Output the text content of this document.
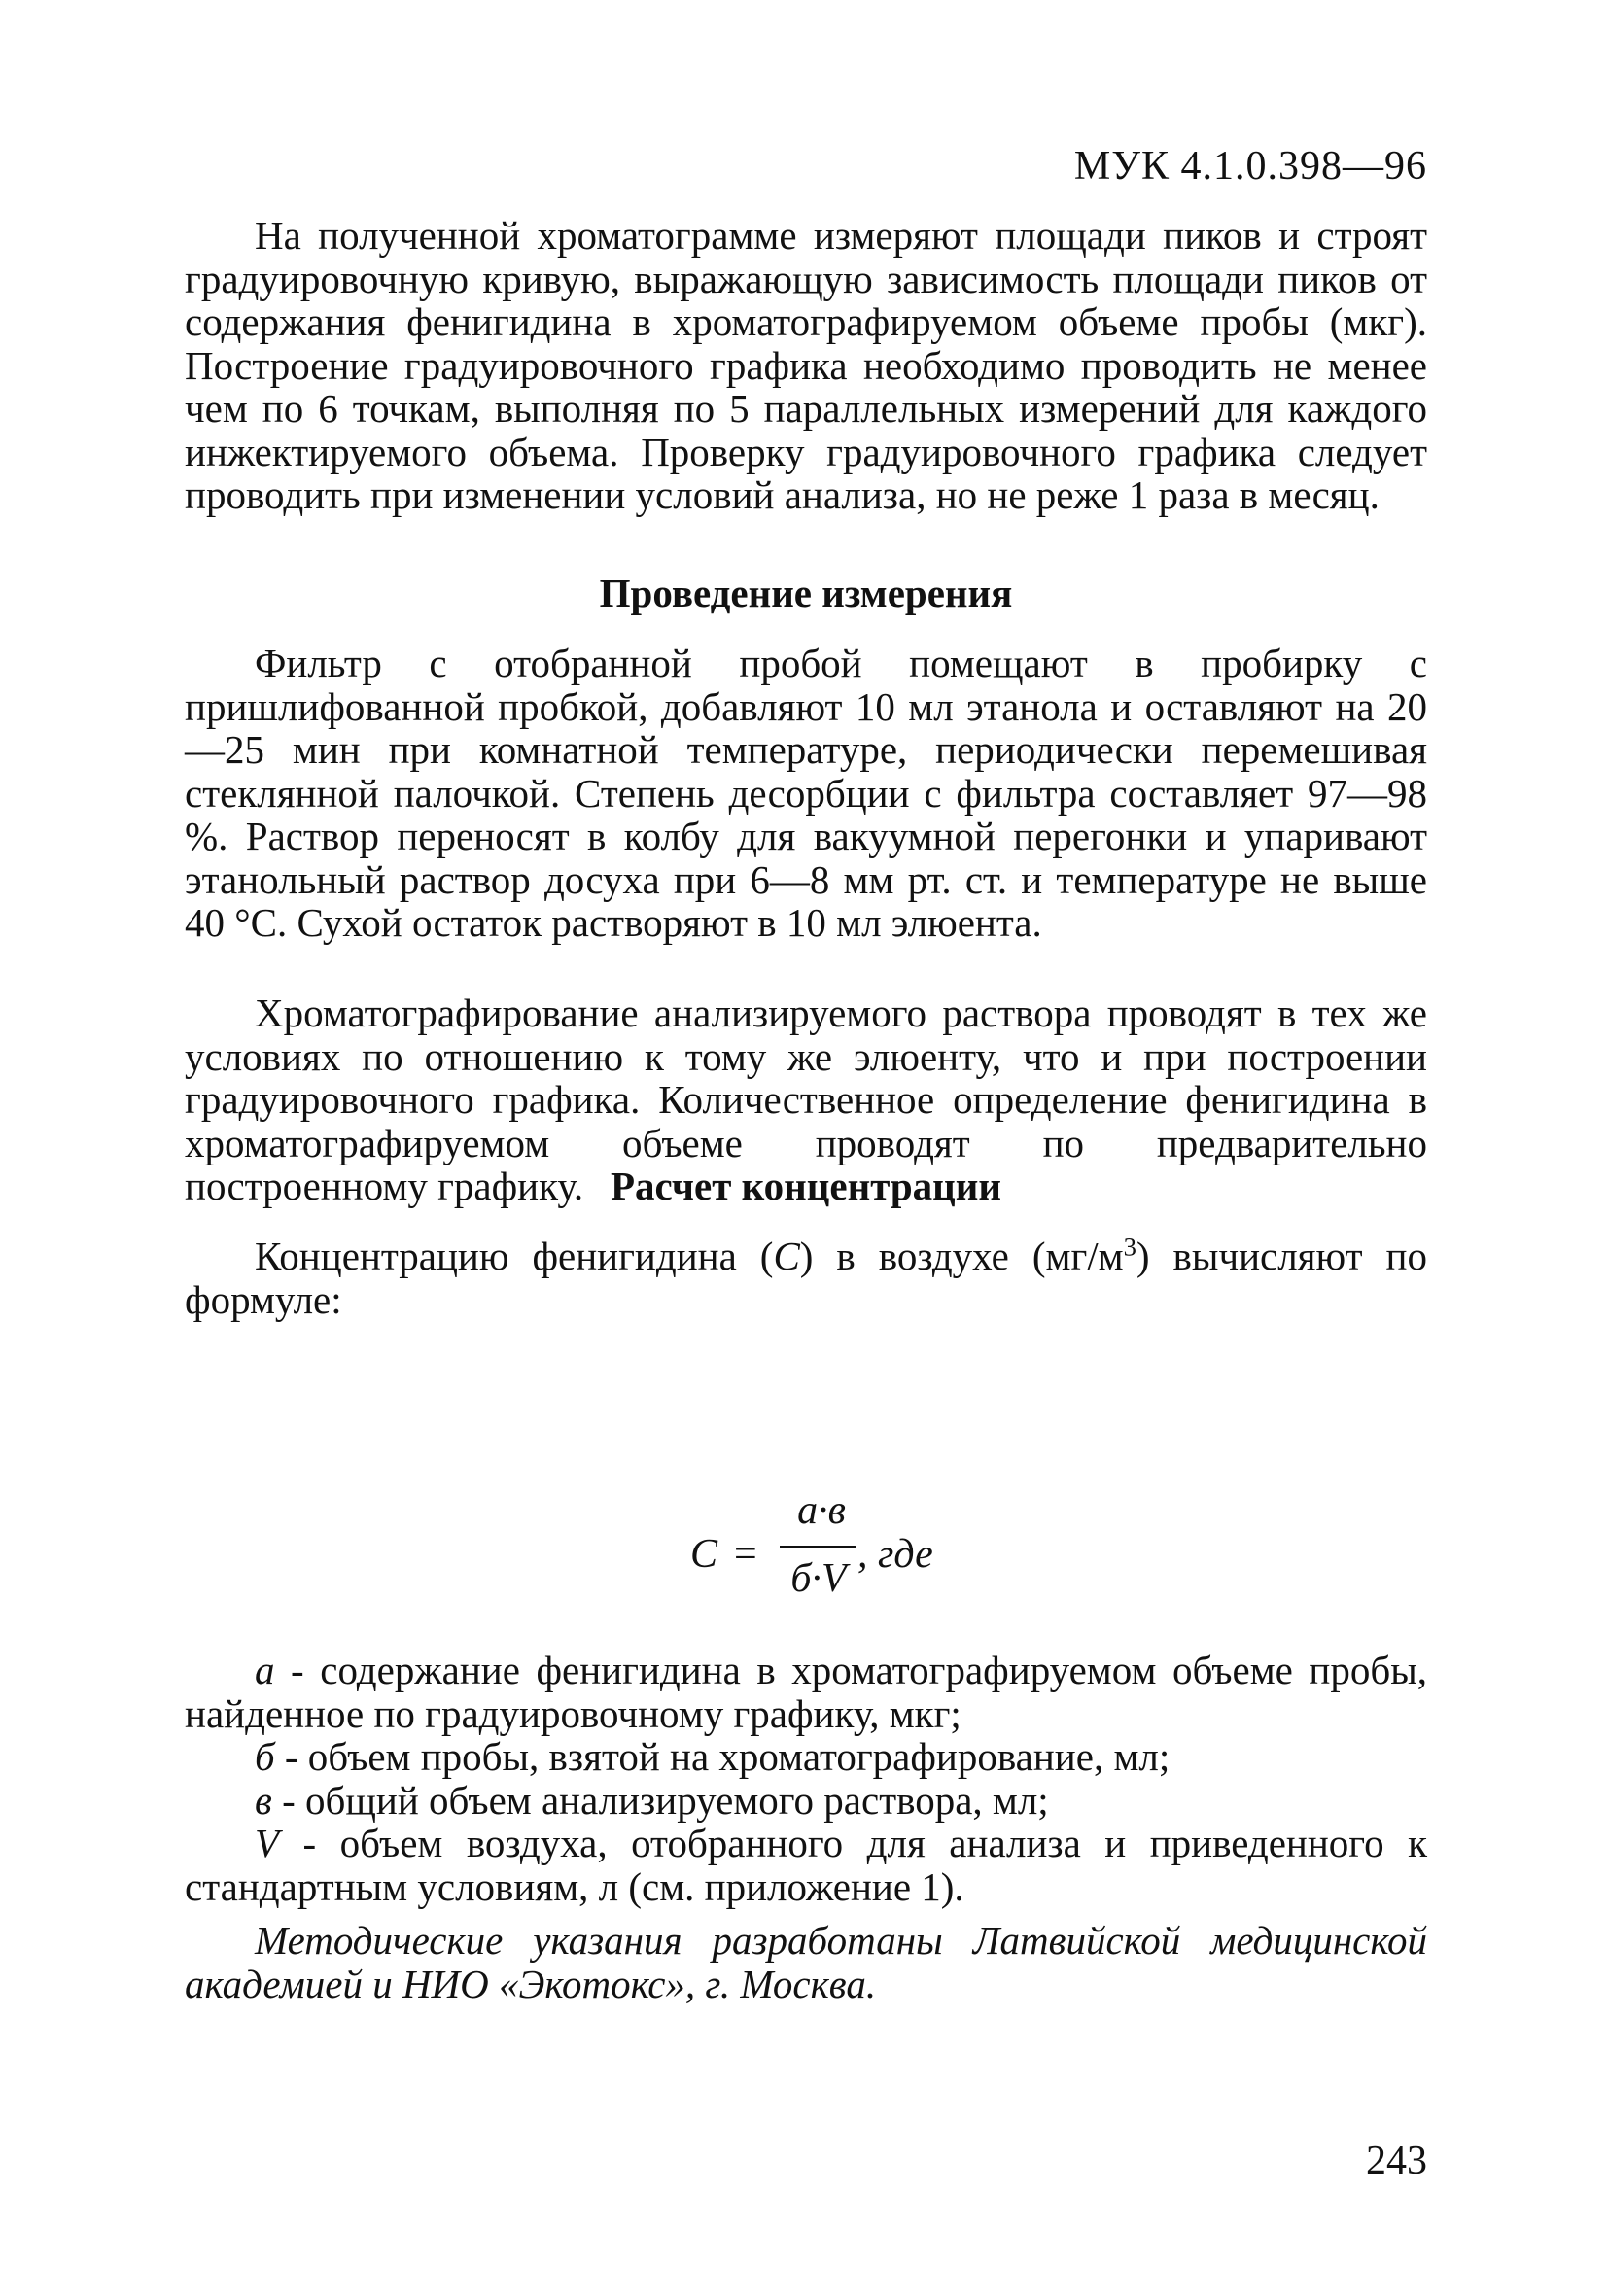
МУК 4.1.0.398—96

На полученной хроматограмме измеряют площади пиков и строят градуировочную кривую, выражающую зависимость площади пиков от содержания фенигидина в хроматографируемом объеме пробы (мкг). Построение градуировочного графика необходимо проводить не менее чем по 6 точкам, выполняя по 5 параллельных измерений для каждого инжектируемого объема. Проверку градуировочного графика следует проводить при изменении условий анализа, но не реже 1 раза в месяц.

Проведение измерения

Фильтр с отобранной пробой помещают в пробирку с пришлифованной пробкой, добавляют 10 мл этанола и оставляют на 20—25 мин при комнатной температуре, периодически перемешивая стеклянной палочкой. Степень десорбции с фильтра составляет 97—98 %. Раствор переносят в колбу для вакуумной перегонки и упаривают этанольный раствор досуха при 6—8 мм рт. ст. и температуре не выше 40 °С. Сухой остаток растворяют в 10 мл элюента.

Хроматографирование анализируемого раствора проводят в тех же условиях по отношению к тому же элюенту, что и при построении градуировочного графика. Количественное определение фенигидина в хроматографируемом объеме проводят по предварительно построенному графику. Расчет концентрации

Концентрацию фенигидина (С) в воздухе $(мг/м^3)$ вычисляют по формуле:

С =
а·в
б·V
, где

а - содержание фенигидина в хроматографируемом объеме пробы, найденное по градуировочному графику, мкг;

б - объем пробы, взятой на хроматографирование, мл;

в - общий объем анализируемого раствора, мл;

V - объем воздуха, отобранного для анализа и приведенного к стандартным условиям, л (см. приложение 1).

Методические указания разработаны Латвийской медицинской академией и НИО «Экотокс», г. Москва.

243
